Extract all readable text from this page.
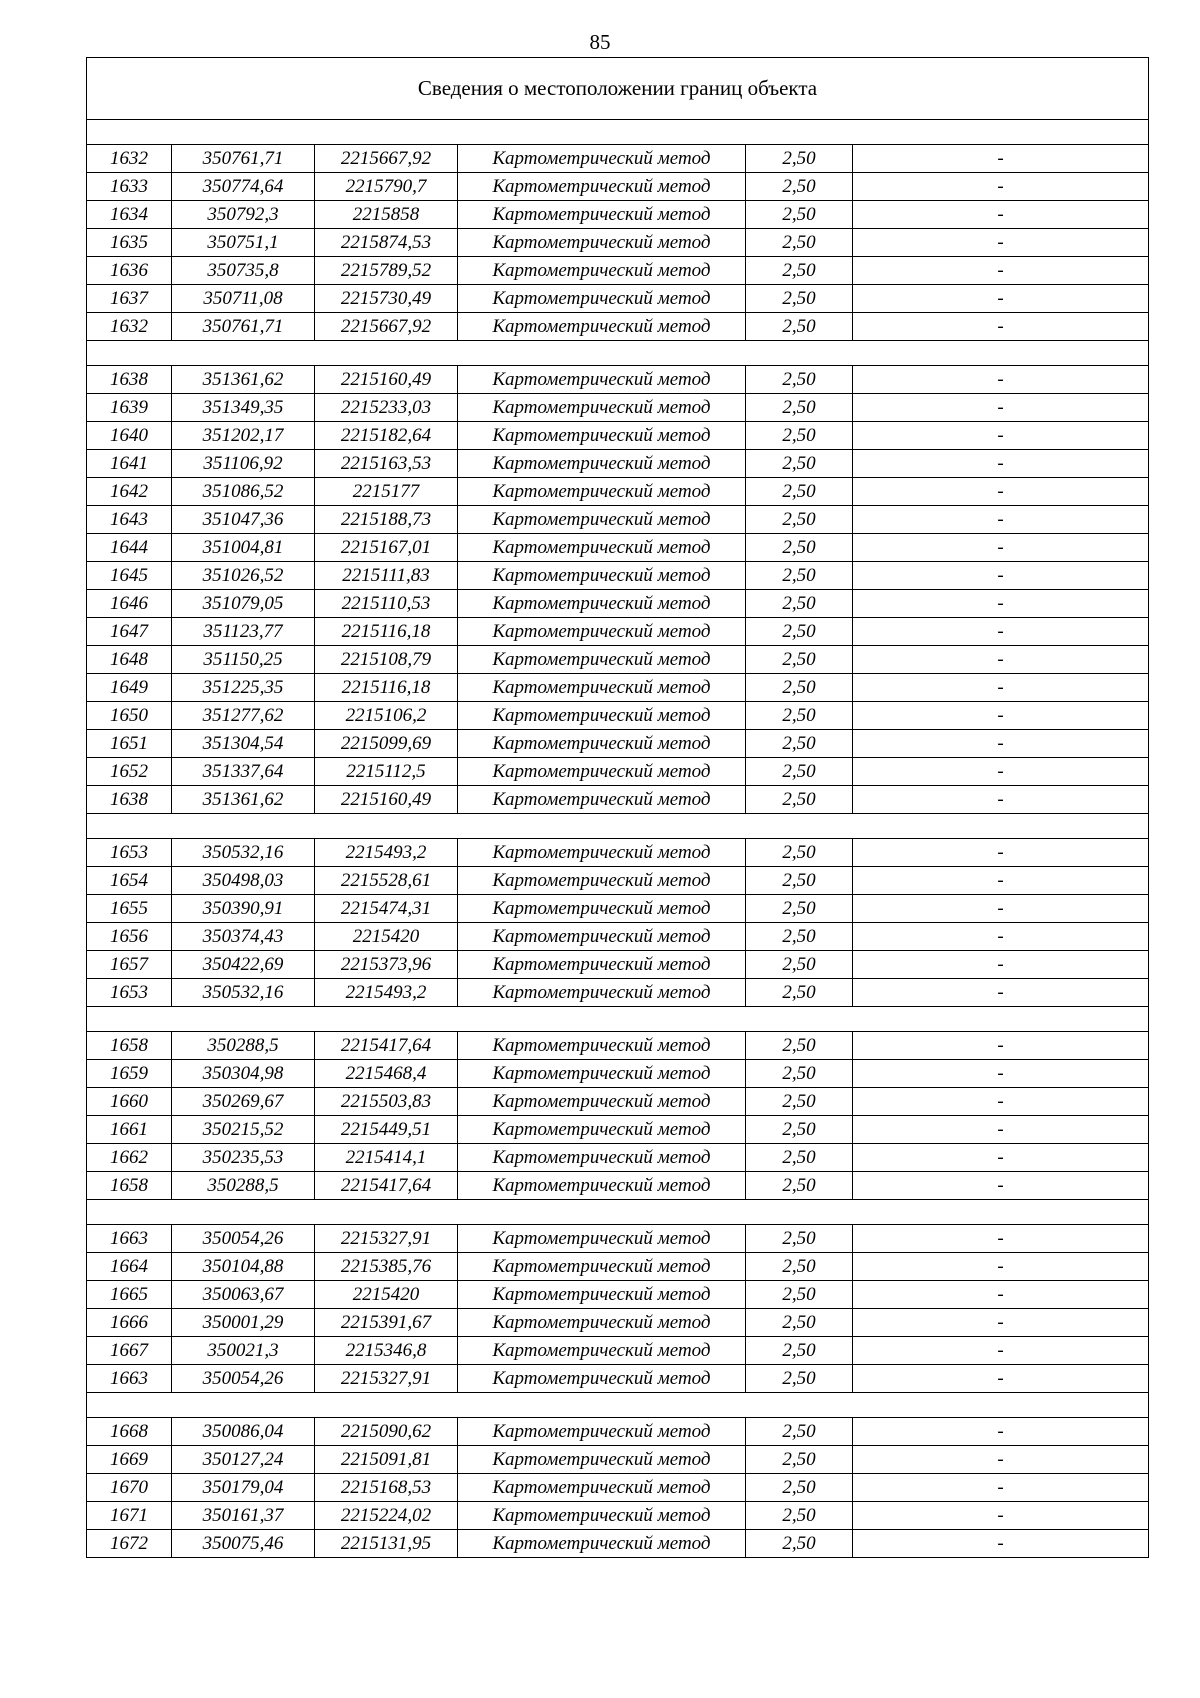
85
Сведения о местоположении границ объекта

1632	350761,71	2215667,92	Картометрический метод	2,50	-
1633	350774,64	2215790,7	Картометрический метод	2,50	-
1634	350792,3	2215858	Картометрический метод	2,50	-
1635	350751,1	2215874,53	Картометрический метод	2,50	-
1636	350735,8	2215789,52	Картометрический метод	2,50	-
1637	350711,08	2215730,49	Картометрический метод	2,50	-
1632	350761,71	2215667,92	Картометрический метод	2,50	-

1638	351361,62	2215160,49	Картометрический метод	2,50	-
1639	351349,35	2215233,03	Картометрический метод	2,50	-
1640	351202,17	2215182,64	Картометрический метод	2,50	-
1641	351106,92	2215163,53	Картометрический метод	2,50	-
1642	351086,52	2215177	Картометрический метод	2,50	-
1643	351047,36	2215188,73	Картометрический метод	2,50	-
1644	351004,81	2215167,01	Картометрический метод	2,50	-
1645	351026,52	2215111,83	Картометрический метод	2,50	-
1646	351079,05	2215110,53	Картометрический метод	2,50	-
1647	351123,77	2215116,18	Картометрический метод	2,50	-
1648	351150,25	2215108,79	Картометрический метод	2,50	-
1649	351225,35	2215116,18	Картометрический метод	2,50	-
1650	351277,62	2215106,2	Картометрический метод	2,50	-
1651	351304,54	2215099,69	Картометрический метод	2,50	-
1652	351337,64	2215112,5	Картометрический метод	2,50	-
1638	351361,62	2215160,49	Картометрический метод	2,50	-

1653	350532,16	2215493,2	Картометрический метод	2,50	-
1654	350498,03	2215528,61	Картометрический метод	2,50	-
1655	350390,91	2215474,31	Картометрический метод	2,50	-
1656	350374,43	2215420	Картометрический метод	2,50	-
1657	350422,69	2215373,96	Картометрический метод	2,50	-
1653	350532,16	2215493,2	Картометрический метод	2,50	-

1658	350288,5	2215417,64	Картометрический метод	2,50	-
1659	350304,98	2215468,4	Картометрический метод	2,50	-
1660	350269,67	2215503,83	Картометрический метод	2,50	-
1661	350215,52	2215449,51	Картометрический метод	2,50	-
1662	350235,53	2215414,1	Картометрический метод	2,50	-
1658	350288,5	2215417,64	Картометрический метод	2,50	-

1663	350054,26	2215327,91	Картометрический метод	2,50	-
1664	350104,88	2215385,76	Картометрический метод	2,50	-
1665	350063,67	2215420	Картометрический метод	2,50	-
1666	350001,29	2215391,67	Картометрический метод	2,50	-
1667	350021,3	2215346,8	Картометрический метод	2,50	-
1663	350054,26	2215327,91	Картометрический метод	2,50	-

1668	350086,04	2215090,62	Картометрический метод	2,50	-
1669	350127,24	2215091,81	Картометрический метод	2,50	-
1670	350179,04	2215168,53	Картометрический метод	2,50	-
1671	350161,37	2215224,02	Картометрический метод	2,50	-
1672	350075,46	2215131,95	Картометрический метод	2,50	-
